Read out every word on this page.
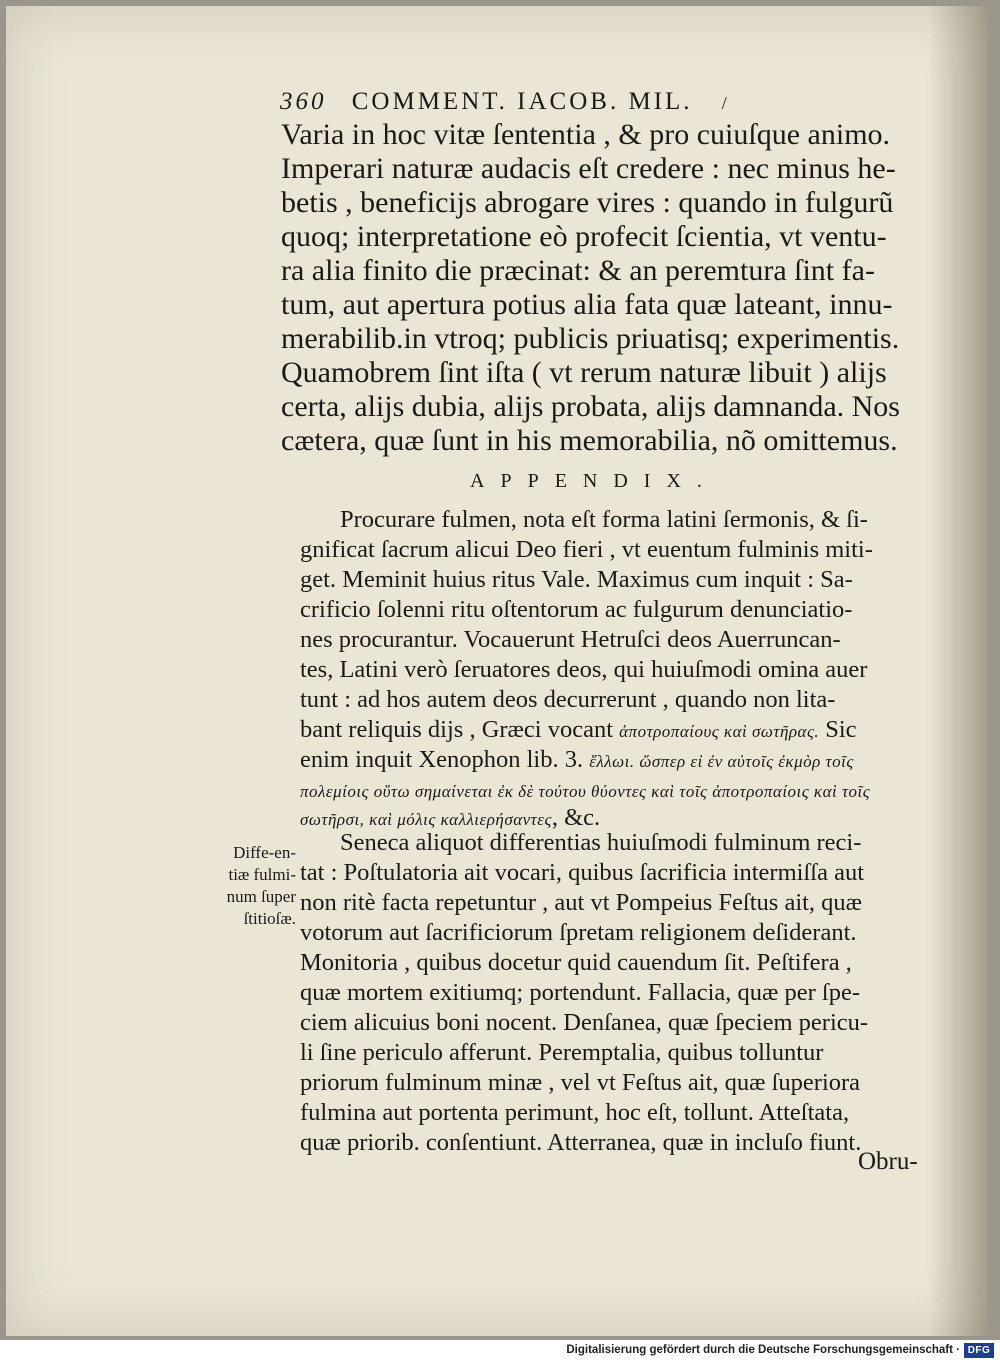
360 COMMENT. IACOB. MIL. /
Varia in hoc vitæ ſententia , & pro cuiuſque animo.
Imperari naturæ audacis eſt credere : nec minus he-
betis , beneficijs abrogare vires : quando in fulgurũ
quoq; interpretatione eò profecit ſcientia, vt ventu-
ra alia finito die præcinat: & an peremtura ſint fa-
tum, aut apertura potius alia fata quæ lateant, innu-
merabilib.in vtroq; publicis priuatisq; experimentis.
Quamobrem ſint iſta ( vt rerum naturæ libuit ) alijs
certa, alijs dubia, alijs probata, alijs damnanda. Nos
cætera, quæ ſunt in his memorabilia, nõ omittemus.
APPENDIX.
Procurare fulmen, nota eſt forma latini ſermonis, & ſi-
gnificat ſacrum alicui Deo fieri , vt euentum fulminis miti-
get. Meminit huius ritus Vale. Maximus cum inquit : Sa-
crificio ſolenni ritu oſtentorum ac fulgurum denunciatio-
nes procurantur. Vocauerunt Hetruſci deos Auerruncan-
tes, Latini verò ſeruatores deos, qui huiuſmodi omina auer
tunt : ad hos autem deos decurrerunt , quando non lita-
bant reliquis dijs , Græci vocant ἀποτροπαίους καὶ σωτῆρας. Sic
enim inquit Xenophon lib. 3. ἕλλωι. ὥσπερ εἰ ἐν αὐτοῖς ἐκμὸρ τοῖς
πολεμίοις οὕτω σημαίνεται ἐκ δὲ τούτου θύοντες καὶ τοῖς ἀποτροπαίοις καὶ τοῖς
σωτῆρσι, καὶ μόλις καλλιερήσαντες, &c.
Diffe-en-
tiæ fulmi-
num ſuper
ſtitioſæ.
Seneca aliquot differentias huiuſmodi fulminum reci-
tat : Poſtulatoria ait vocari, quibus ſacrificia intermiſſa aut
non ritè facta repetuntur , aut vt Pompeius Feſtus ait, quæ
votorum aut ſacrificiorum ſpretam religionem deſiderant.
Monitoria , quibus docetur quid cauendum ſit. Peſtifera ,
quæ mortem exitiumq; portendunt. Fallacia, quæ per ſpe-
ciem alicuius boni nocent. Denſanea, quæ ſpeciem pericu-
li ſine periculo afferunt. Peremptalia, quibus tolluntur
priorum fulminum minæ , vel vt Feſtus ait, quæ ſuperiora
fulmina aut portenta perimunt, hoc eſt, tollunt. Atteſtata,
quæ priorib. conſentiunt. Atterranea, quæ in incluſo fiunt.
Obru-
Digitalisierung gefördert durch die Deutsche Forschungsgemeinschaft · DFG
